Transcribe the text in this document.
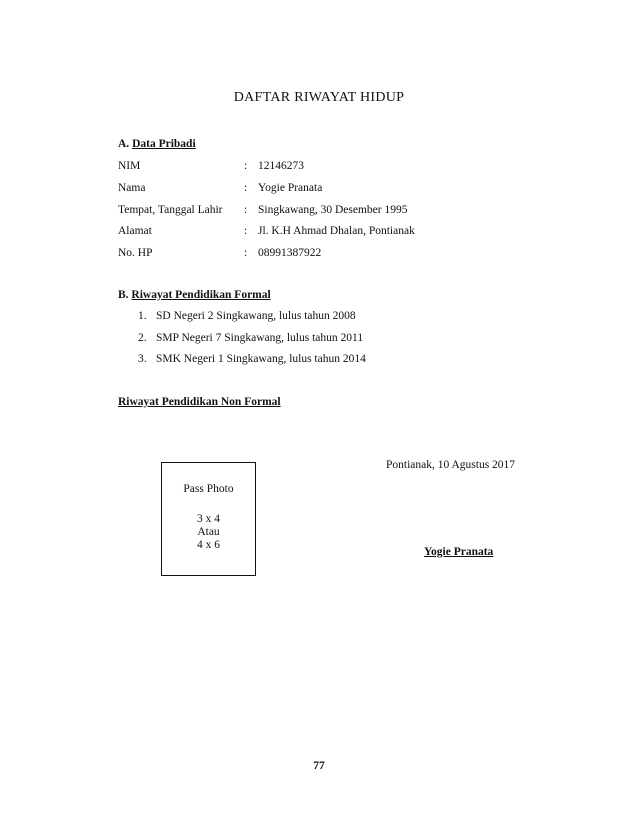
DAFTAR RIWAYAT HIDUP
A. Data Pribadi
NIM	: 12146273
Nama	: Yogie Pranata
Tempat, Tanggal Lahir : Singkawang, 30 Desember 1995
Alamat	: Jl. K.H Ahmad Dhalan, Pontianak
No. HP	: 08991387922
B. Riwayat Pendidikan Formal
1. SD Negeri 2 Singkawang, lulus tahun 2008
2. SMP Negeri 7 Singkawang, lulus tahun 2011
3. SMK Negeri 1 Singkawang, lulus tahun 2014
Riwayat Pendidikan Non Formal
Pass Photo
3 x 4
Atau
4 x 6
Pontianak, 10 Agustus 2017
Yogie Pranata
77
